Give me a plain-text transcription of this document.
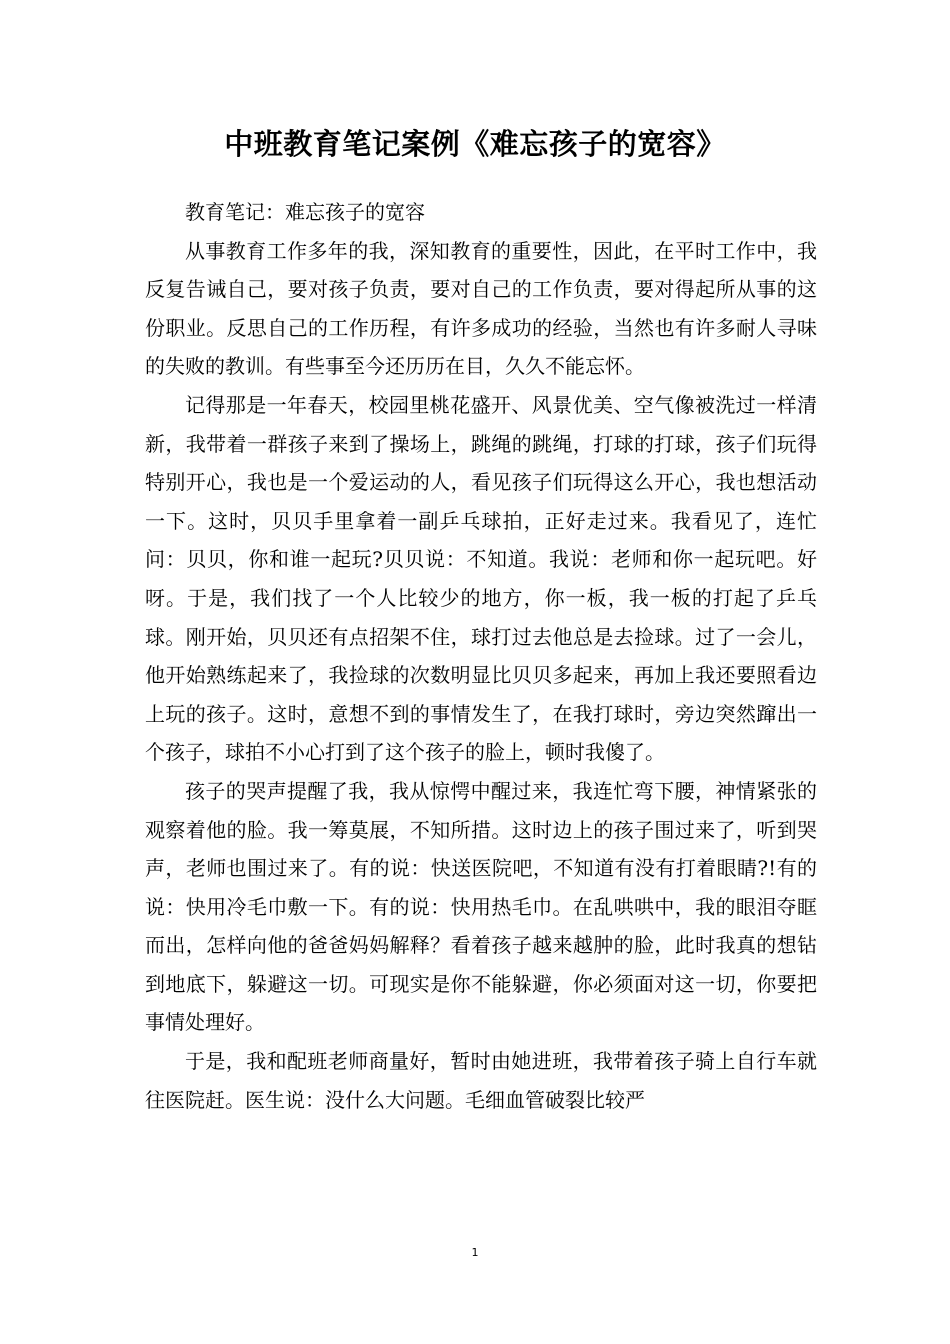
中班教育笔记案例《难忘孩子的宽容》

教育笔记：难忘孩子的宽容

从事教育工作多年的我，深知教育的重要性，因此，在平时工作中，我反复告诫自己，要对孩子负责，要对自己的工作负责，要对得起所从事的这份职业。反思自己的工作历程，有许多成功的经验，当然也有许多耐人寻味的失败的教训。有些事至今还历历在目，久久不能忘怀。

记得那是一年春天，校园里桃花盛开、风景优美、空气像被洗过一样清新，我带着一群孩子来到了操场上，跳绳的跳绳，打球的打球，孩子们玩得特别开心，我也是一个爱运动的人，看见孩子们玩得这么开心，我也想活动一下。这时，贝贝手里拿着一副乒乓球拍，正好走过来。我看见了，连忙问：贝贝，你和谁一起玩?贝贝说：不知道。我说：老师和你一起玩吧。好呀。于是，我们找了一个人比较少的地方，你一板，我一板的打起了乒乓球。刚开始，贝贝还有点招架不住，球打过去他总是去捡球。过了一会儿，他开始熟练起来了，我捡球的次数明显比贝贝多起来，再加上我还要照看边上玩的孩子。这时，意想不到的事情发生了，在我打球时，旁边突然蹿出一个孩子，球拍不小心打到了这个孩子的脸上，顿时我傻了。

孩子的哭声提醒了我，我从惊愕中醒过来，我连忙弯下腰，神情紧张的观察着他的脸。我一筹莫展，不知所措。这时边上的孩子围过来了，听到哭声，老师也围过来了。有的说：快送医院吧，不知道有没有打着眼睛?!有的说：快用冷毛巾敷一下。有的说：快用热毛巾。在乱哄哄中，我的眼泪夺眶而出，怎样向他的爸爸妈妈解释？看着孩子越来越肿的脸，此时我真的想钻到地底下，躲避这一切。可现实是你不能躲避，你必须面对这一切，你要把事情处理好。

于是，我和配班老师商量好，暂时由她进班，我带着孩子骑上自行车就往医院赶。医生说：没什么大问题。毛细血管破裂比较严

1
